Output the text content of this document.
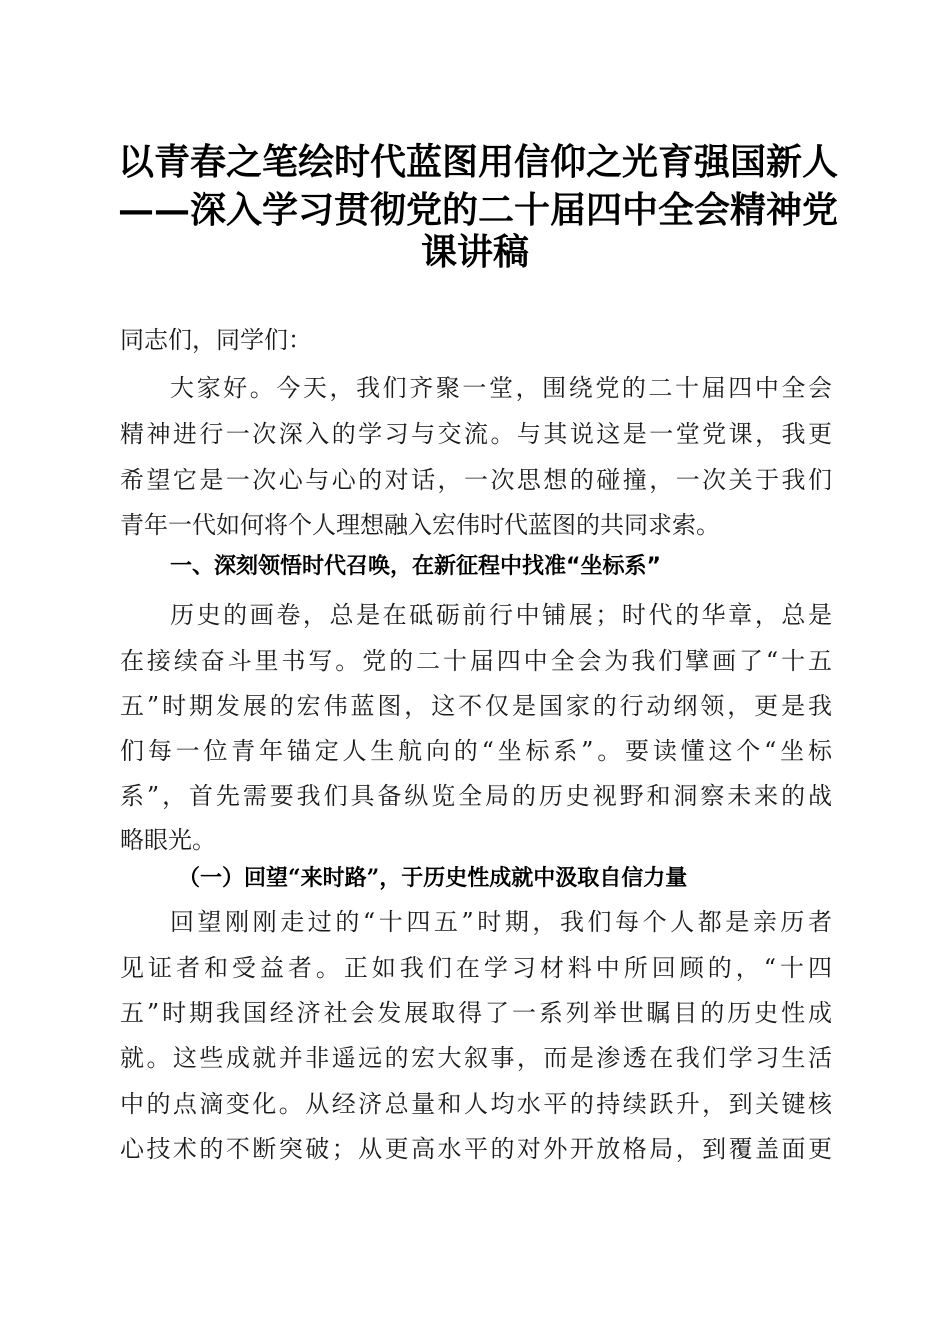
以青春之笔绘时代蓝图用信仰之光育强国新人
——深入学习贯彻党的二十届四中全会精神党
课讲稿
同志们，同学们：
大家好。今天，我们齐聚一堂，围绕党的二十届四中全会
精神进行一次深入的学习与交流。与其说这是一堂党课，我更
希望它是一次心与心的对话，一次思想的碰撞，一次关于我们
青年一代如何将个人理想融入宏伟时代蓝图的共同求索。
一、深刻领悟时代召唤，在新征程中找准“坐标系”
历史的画卷，总是在砥砺前行中铺展；时代的华章，总是
在接续奋斗里书写。党的二十届四中全会为我们擘画了“十五
五”时期发展的宏伟蓝图，这不仅是国家的行动纲领，更是我
们每一位青年锚定人生航向的“坐标系”。要读懂这个“坐标
系”，首先需要我们具备纵览全局的历史视野和洞察未来的战
略眼光。
（一）回望“来时路”，于历史性成就中汲取自信力量
回望刚刚走过的“十四五”时期，我们每个人都是亲历者
见证者和受益者。正如我们在学习材料中所回顾的，“十四
五”时期我国经济社会发展取得了一系列举世瞩目的历史性成
就。这些成就并非遥远的宏大叙事，而是渗透在我们学习生活
中的点滴变化。从经济总量和人均水平的持续跃升，到关键核
心技术的不断突破；从更高水平的对外开放格局，到覆盖面更
